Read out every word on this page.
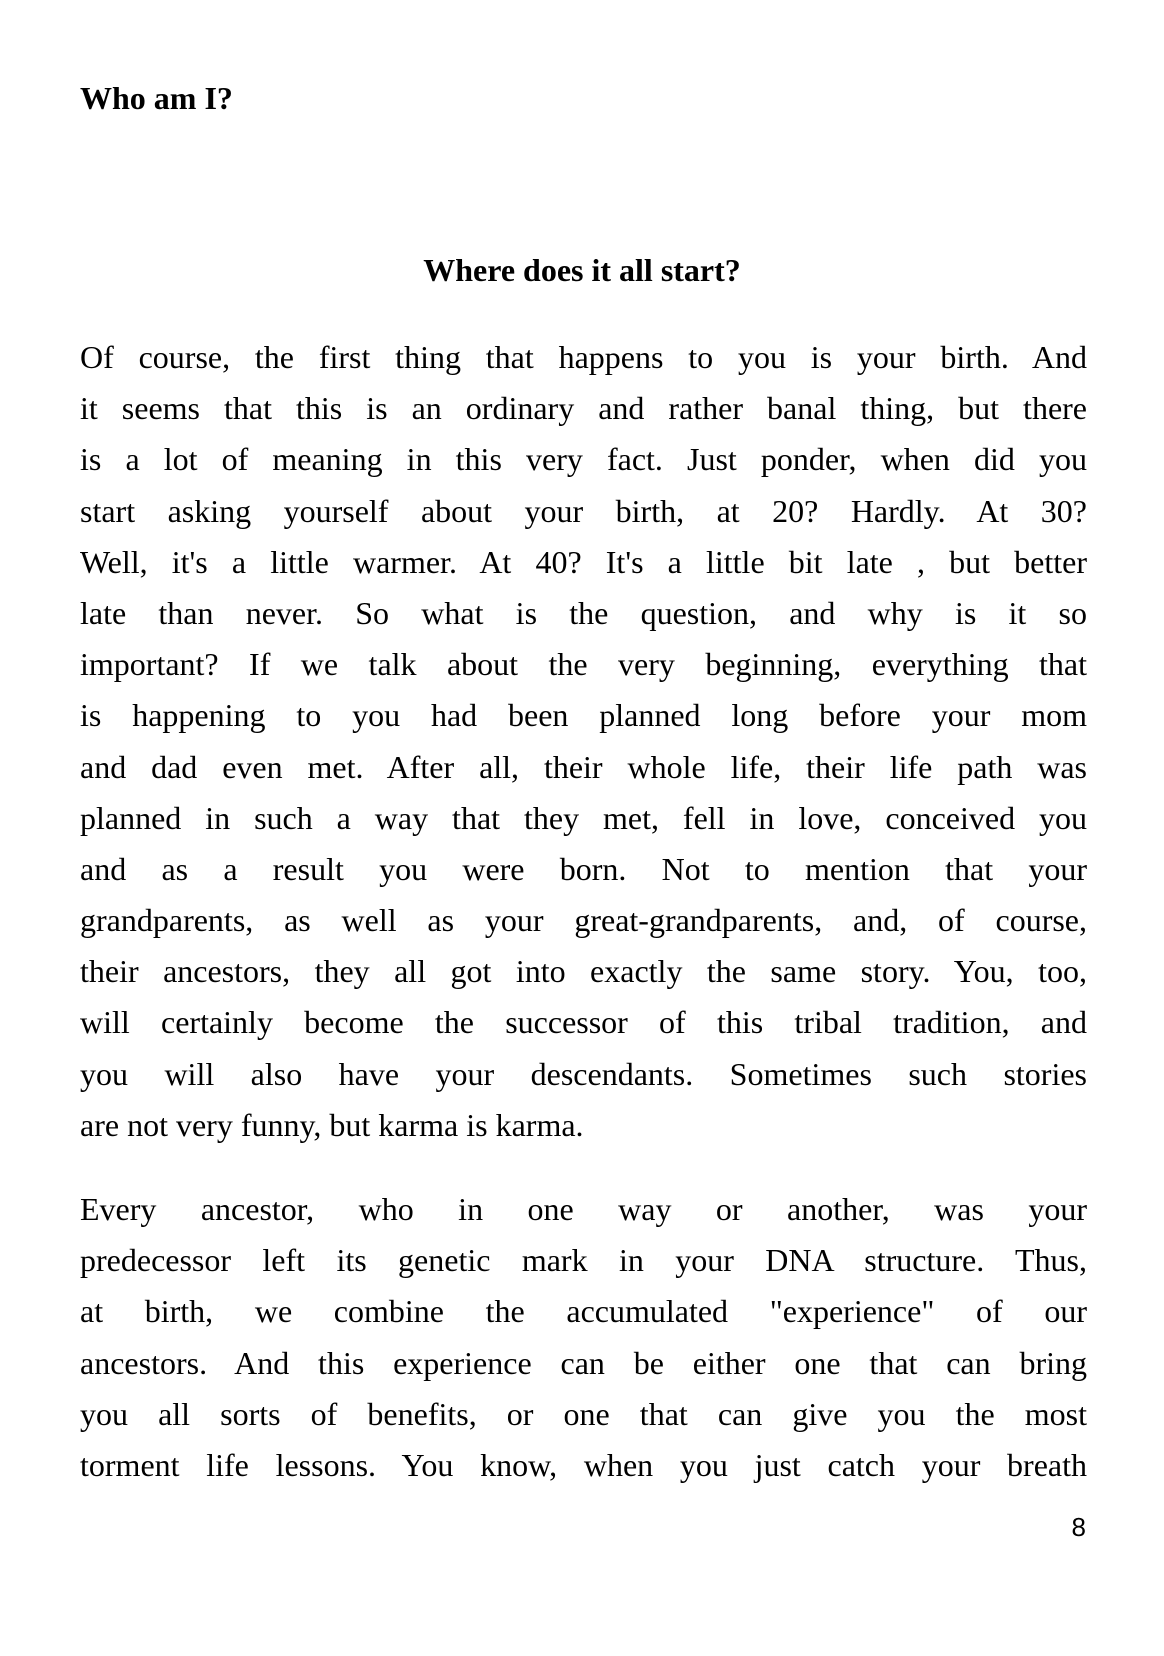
Who am I?
Where does it all start?
Of course, the first thing that happens to you is your birth. And
it seems that this is an ordinary and rather banal thing, but there
is a lot of meaning in this very fact. Just ponder, when did you
start asking yourself about your birth, at 20? Hardly. At 30?
Well, it's a little warmer. At 40? It's a little bit late , but better
late than never. So what is the question, and why is it so
important? If we talk about the very beginning, everything that
is happening to you had been planned long before your mom
and dad even met. After all, their whole life, their life path was
planned in such a way that they met, fell in love, conceived you
and as a result you were born. Not to mention that your
grandparents, as well as your great-grandparents, and, of course,
their ancestors, they all got into exactly the same story. You, too,
will certainly become the successor of this tribal tradition, and
you will also have your descendants. Sometimes such stories
are not very funny, but karma is karma.
Every ancestor, who in one way or another, was your
predecessor left its genetic mark in your DNA structure. Thus,
at birth, we combine the accumulated "experience" of our
ancestors. And this experience can be either one that can bring
you all sorts of benefits, or one that can give you the most
torment life lessons. You know, when you just catch your breath

8
